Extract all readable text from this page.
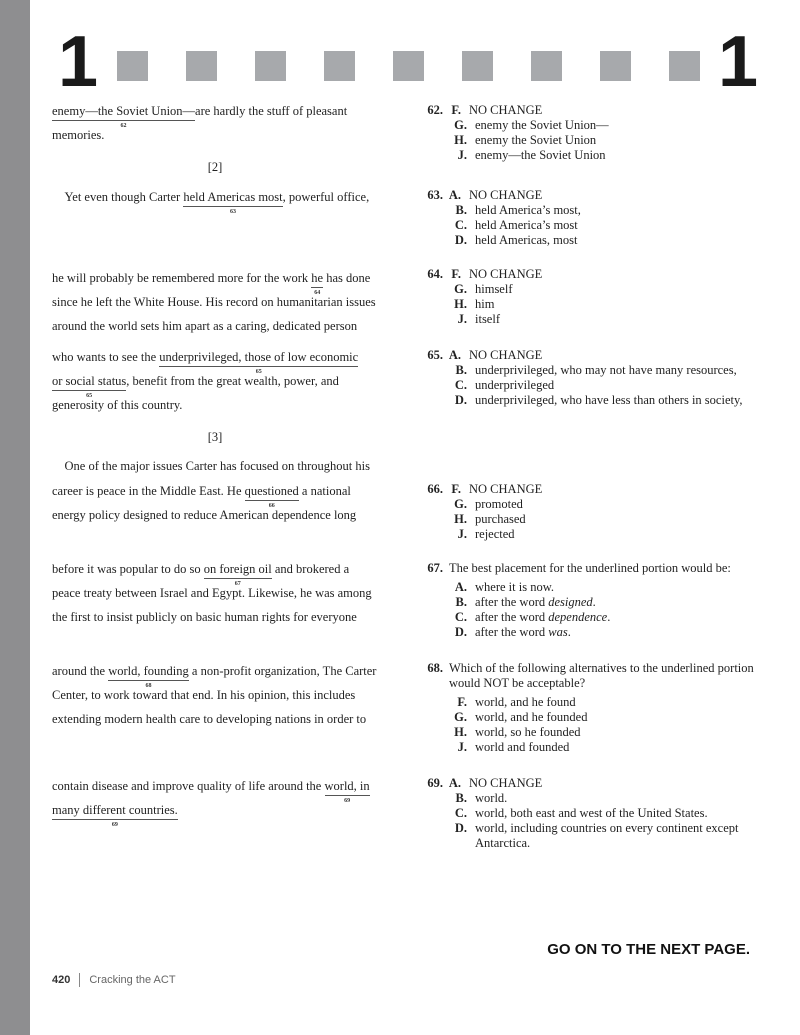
1	1
enemy—the Soviet Union—
62
are hardly the stuff of pleasant
memories.
[2]
Yet even though Carter held Americas most
63
, powerful office,
he will probably be remembered more for the work he
64
has done
since he left the White House. His record on humanitarian issues
around the world sets him apart as a caring, dedicated person
who wants to see the underprivileged, those of low economic
65
or social status
65
, benefit from the great wealth, power, and
generosity of this country.
[3]
One of the major issues Carter has focused on throughout his
career is peace in the Middle East. He questioned
66
a national
energy policy designed to reduce American dependence long
before it was popular to do so on foreign oil
67
and brokered a
peace treaty between Israel and Egypt. Likewise, he was among
the first to insist publicly on basic human rights for everyone
around the world, founding
68
a non-profit organization, The Carter
Center, to work toward that end. In his opinion, this includes
extending modern health care to developing nations in order to
contain disease and improve quality of life around the world, in
69
many different countries.
69
62. F. NO CHANGE
G. enemy the Soviet Union—
H. enemy the Soviet Union
J. enemy—the Soviet Union
63. A. NO CHANGE
B. held America’s most,
C. held America’s most
D. held Americas, most
64. F. NO CHANGE
G. himself
H. him
J. itself
65. A. NO CHANGE
B. underprivileged, who may not have many resources,
C. underprivileged
D. underprivileged, who have less than others in society,
66. F. NO CHANGE
G. promoted
H. purchased
J. rejected
67. The best placement for the underlined portion would be:
A. where it is now.
B. after the word designed.
C. after the word dependence.
D. after the word was.
68. Which of the following alternatives to the underlined portion would NOT be acceptable?
F. world, and he found
G. world, and he founded
H. world, so he founded
J. world and founded
69. A. NO CHANGE
B. world.
C. world, both east and west of the United States.
D. world, including countries on every continent except Antarctica.
GO ON TO THE NEXT PAGE.
420 Cracking the ACT
